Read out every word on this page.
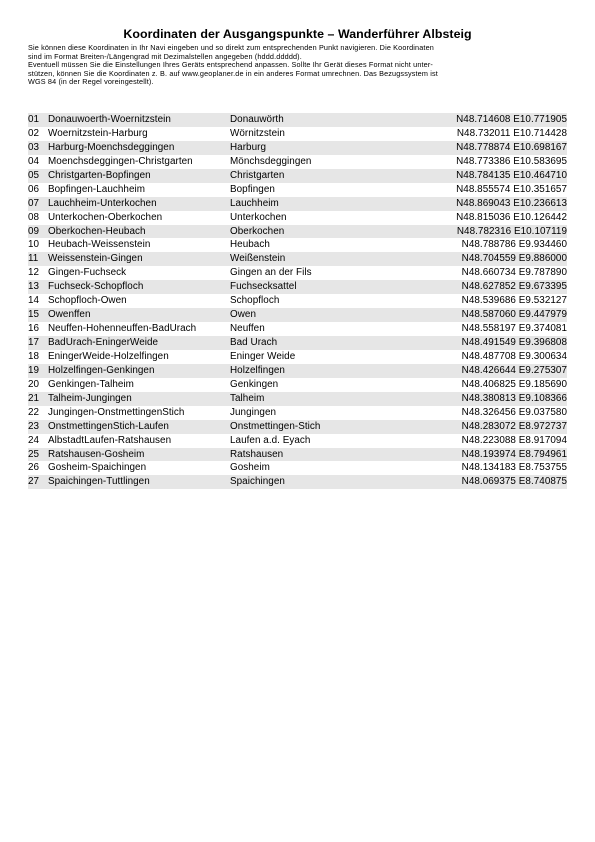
Koordinaten der Ausgangspunkte – Wanderführer Albsteig
Sie können diese Koordinaten in Ihr Navi eingeben und so direkt zum entsprechenden Punkt navigieren. Die Koordinaten
sind im Format Breiten-/Längengrad mit Dezimalstellen angegeben (hddd.ddddd).
Eventuell müssen Sie die Einstellungen Ihres Geräts entsprechend anpassen. Sollte Ihr Gerät dieses Format nicht unter-
stützen, können Sie die Koordinaten z. B. auf www.geoplaner.de in ein anderes Format umrechnen. Das Bezugssystem ist
WGS 84 (in der Regel voreingestellt).
01 Donauwoerth-Woernitzstein	Donauwörth	N48.714608 E10.771905
02 Woernitzstein-Harburg	Wörnitzstein	N48.732011 E10.714428
03 Harburg-Moenchsdeggingen	Harburg	N48.778874 E10.698167
04 Moenchsdeggingen-Christgarten	Mönchsdeggingen	N48.773386 E10.583695
05 Christgarten-Bopfingen	Christgarten	N48.784135 E10.464710
06 Bopfingen-Lauchheim	Bopfingen	N48.855574 E10.351657
07 Lauchheim-Unterkochen	Lauchheim	N48.869043 E10.236613
08 Unterkochen-Oberkochen	Unterkochen	N48.815036 E10.126442
09 Oberkochen-Heubach	Oberkochen	N48.782316 E10.107119
10 Heubach-Weissenstein	Heubach	N48.788786 E9.934460
11 Weissenstein-Gingen	Weißenstein	N48.704559 E9.886000
12 Gingen-Fuchseck	Gingen an der Fils	N48.660734 E9.787890
13 Fuchseck-Schopfloch	Fuchsecksattel	N48.627852 E9.673395
14 Schopfloch-Owen	Schopfloch	N48.539686 E9.532127
15 Owenffen	Owen	N48.587060 E9.447979
16 Neuffen-Hohenneuffen-BadUrach	Neuffen	N48.558197 E9.374081
17 BadUrach-EningerWeide	Bad Urach	N48.491549 E9.396808
18 EningerWeide-Holzelfingen	Eninger Weide	N48.487708 E9.300634
19 Holzelfingen-Genkingen	Holzelfingen	N48.426644 E9.275307
20 Genkingen-Talheim	Genkingen	N48.406825 E9.185690
21 Talheim-Jungingen	Talheim	N48.380813 E9.108366
22 Jungingen-OnstmettingenStich	Jungingen	N48.326456 E9.037580
23 OnstmettingenStich-Laufen	Onstmettingen-Stich	N48.283072 E8.972737
24 AlbstadtLaufen-Ratshausen	Laufen a.d. Eyach	N48.223088 E8.917094
25 Ratshausen-Gosheim	Ratshausen	N48.193974 E8.794961
26 Gosheim-Spaichingen	Gosheim	N48.134183 E8.753755
27 Spaichingen-Tuttlingen	Spaichingen	N48.069375 E8.740875
